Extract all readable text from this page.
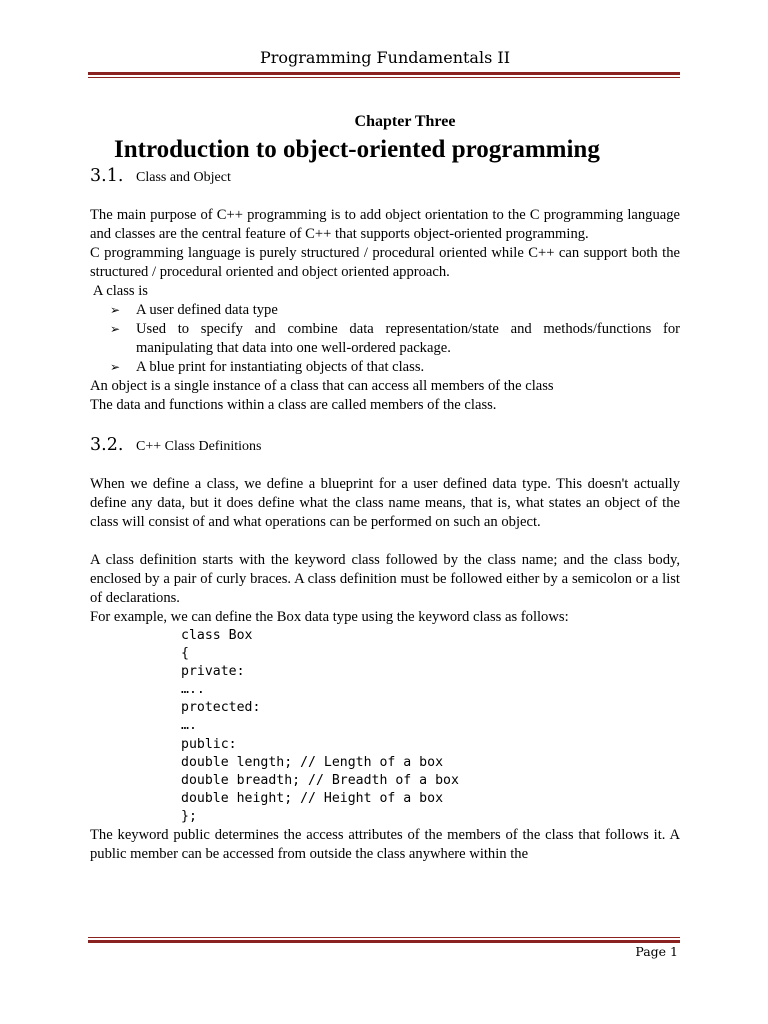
Programming Fundamentals II
Chapter Three
Introduction to object-oriented programming
3.1. Class and Object

The main purpose of C++ programming is to add object orientation to the C programming language and classes are the central feature of C++ that supports object-oriented programming.

C programming language is purely structured / procedural oriented while C++ can support both the structured / procedural oriented and object oriented approach.

A class is

➢ A user defined data type
➢ Used to specify and combine data representation/state and methods/functions for manipulating that data into one well-ordered package.
➢ A blue print for instantiating objects of that class.

An object is a single instance of a class that can access all members of the class

The data and functions within a class are called members of the class.

3.2. C++ Class Definitions

When we define a class, we define a blueprint for a user defined data type. This doesn't actually define any data, but it does define what the class name means, that is, what states an object of the class will consist of and what operations can be performed on such an object.

A class definition starts with the keyword class followed by the class name; and the class body, enclosed by a pair of curly braces. A class definition must be followed either by a semicolon or a list of declarations.

For example, we can define the Box data type using the keyword class as follows:

class Box
{
private:
…..
protected:
….
public:
double length; // Length of a box
double breadth; // Breadth of a box
double height; // Height of a box
};

The keyword public determines the access attributes of the members of the class that follows it. A public member can be accessed from outside the class anywhere within the

Page 1
